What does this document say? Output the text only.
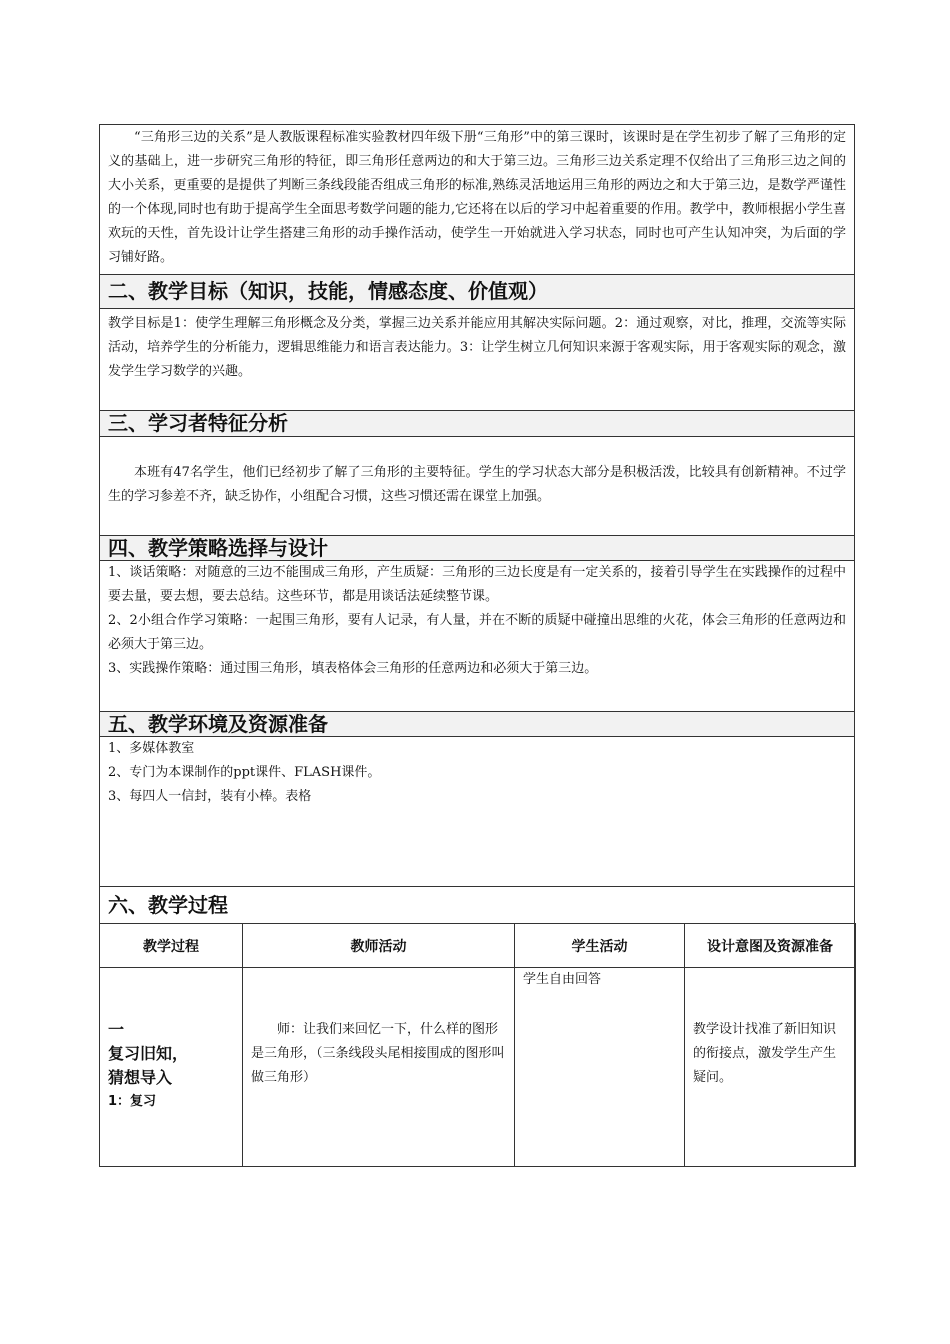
“三角形三边的关系”是人教版课程标准实验教材四年级下册“三角形”中的第三课时，该课时是在学生初步了解了三角形的定义的基础上，进一步研究三角形的特征，即三角形任意两边的和大于第三边。三角形三边关系定理不仅给出了三角形三边之间的大小关系，更重要的是提供了判断三条线段能否组成三角形的标准,熟练灵活地运用三角形的两边之和大于第三边，是数学严谨性的一个体现,同时也有助于提高学生全面思考数学问题的能力,它还将在以后的学习中起着重要的作用。教学中，教师根据小学生喜欢玩的天性，首先设计让学生搭建三角形的动手操作活动，使学生一开始就进入学习状态，同时也可产生认知冲突，为后面的学习铺好路。

二、教学目标（知识，技能，情感态度、价值观）

教学目标是1：使学生理解三角形概念及分类，掌握三边关系并能应用其解决实际问题。2：通过观察，对比，推理，交流等实际活动，培养学生的分析能力，逻辑思维能力和语言表达能力。3：让学生树立几何知识来源于客观实际，用于客观实际的观念，激发学生学习数学的兴趣。

三、学习者特征分析

本班有47名学生，他们已经初步了解了三角形的主要特征。学生的学习状态大部分是积极活泼，比较具有创新精神。不过学生的学习参差不齐，缺乏协作，小组配合习惯，这些习惯还需在课堂上加强。

四、教学策略选择与设计

1、谈话策略：对随意的三边不能围成三角形，产生质疑：三角形的三边长度是有一定关系的，接着引导学生在实践操作的过程中要去量，要去想，要去总结。这些环节，都是用谈话法延续整节课。

2、2小组合作学习策略：一起围三角形，要有人记录，有人量，并在不断的质疑中碰撞出思维的火花，体会三角形的任意两边和必须大于第三边。

3、实践操作策略：通过围三角形，填表格体会三角形的任意两边和必须大于第三边。

五、教学环境及资源准备

1、多媒体教室

2、专门为本课制作的ppt课件、FLASH课件。

3、每四人一信封，装有小棒。表格

六、教学过程
教学过程	教师活动	学生活动	设计意图及资源准备

一
复习旧知，
猜想导入
1：复习	师：让我们来回忆一下，什么样的图形是三角形，（三条线段头尾相接围成的图形叫做三角形）	学生自由回答	教学设计找准了新旧知识的衔接点，激发学生产生疑问。
